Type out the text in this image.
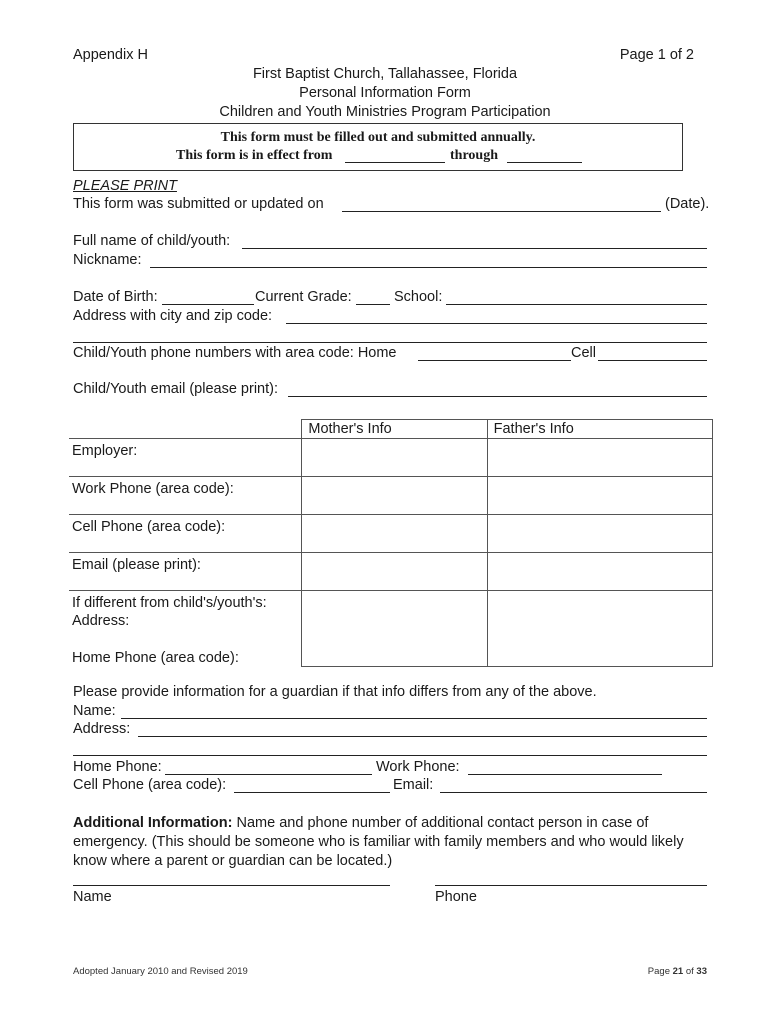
Appendix H	Page 1 of 2
First Baptist Church, Tallahassee, Florida
Personal Information Form
Children and Youth Ministries Program Participation
This form must be filled out and submitted annually.
This form is in effect from	through
PLEASE PRINT
This form was submitted or updated on	(Date).
Full name of child/youth:
Nickname:
Date of Birth:	Current Grade:	School:
Address with city and zip code:
Child/Youth phone numbers with area code: Home	Cell
Child/Youth email (please print):
	Mother's Info	Father's Info
Employer:		
Work Phone (area code):		
Cell Phone (area code):		
Email (please print):		

If different from child's/youth's:
Address:
Home Phone (area code):		

Please provide information for a guardian if that info differs from any of the above.
Name:
Address:
Home Phone:	Work Phone:
Cell Phone (area code):	Email:
Additional Information: Name and phone number of additional contact person in case of
emergency. (This should be someone who is familiar with family members and who would likely
know where a parent or guardian can be located.)
Name	Phone
Adopted January 2010 and Revised 2019	Page 21 of 33
